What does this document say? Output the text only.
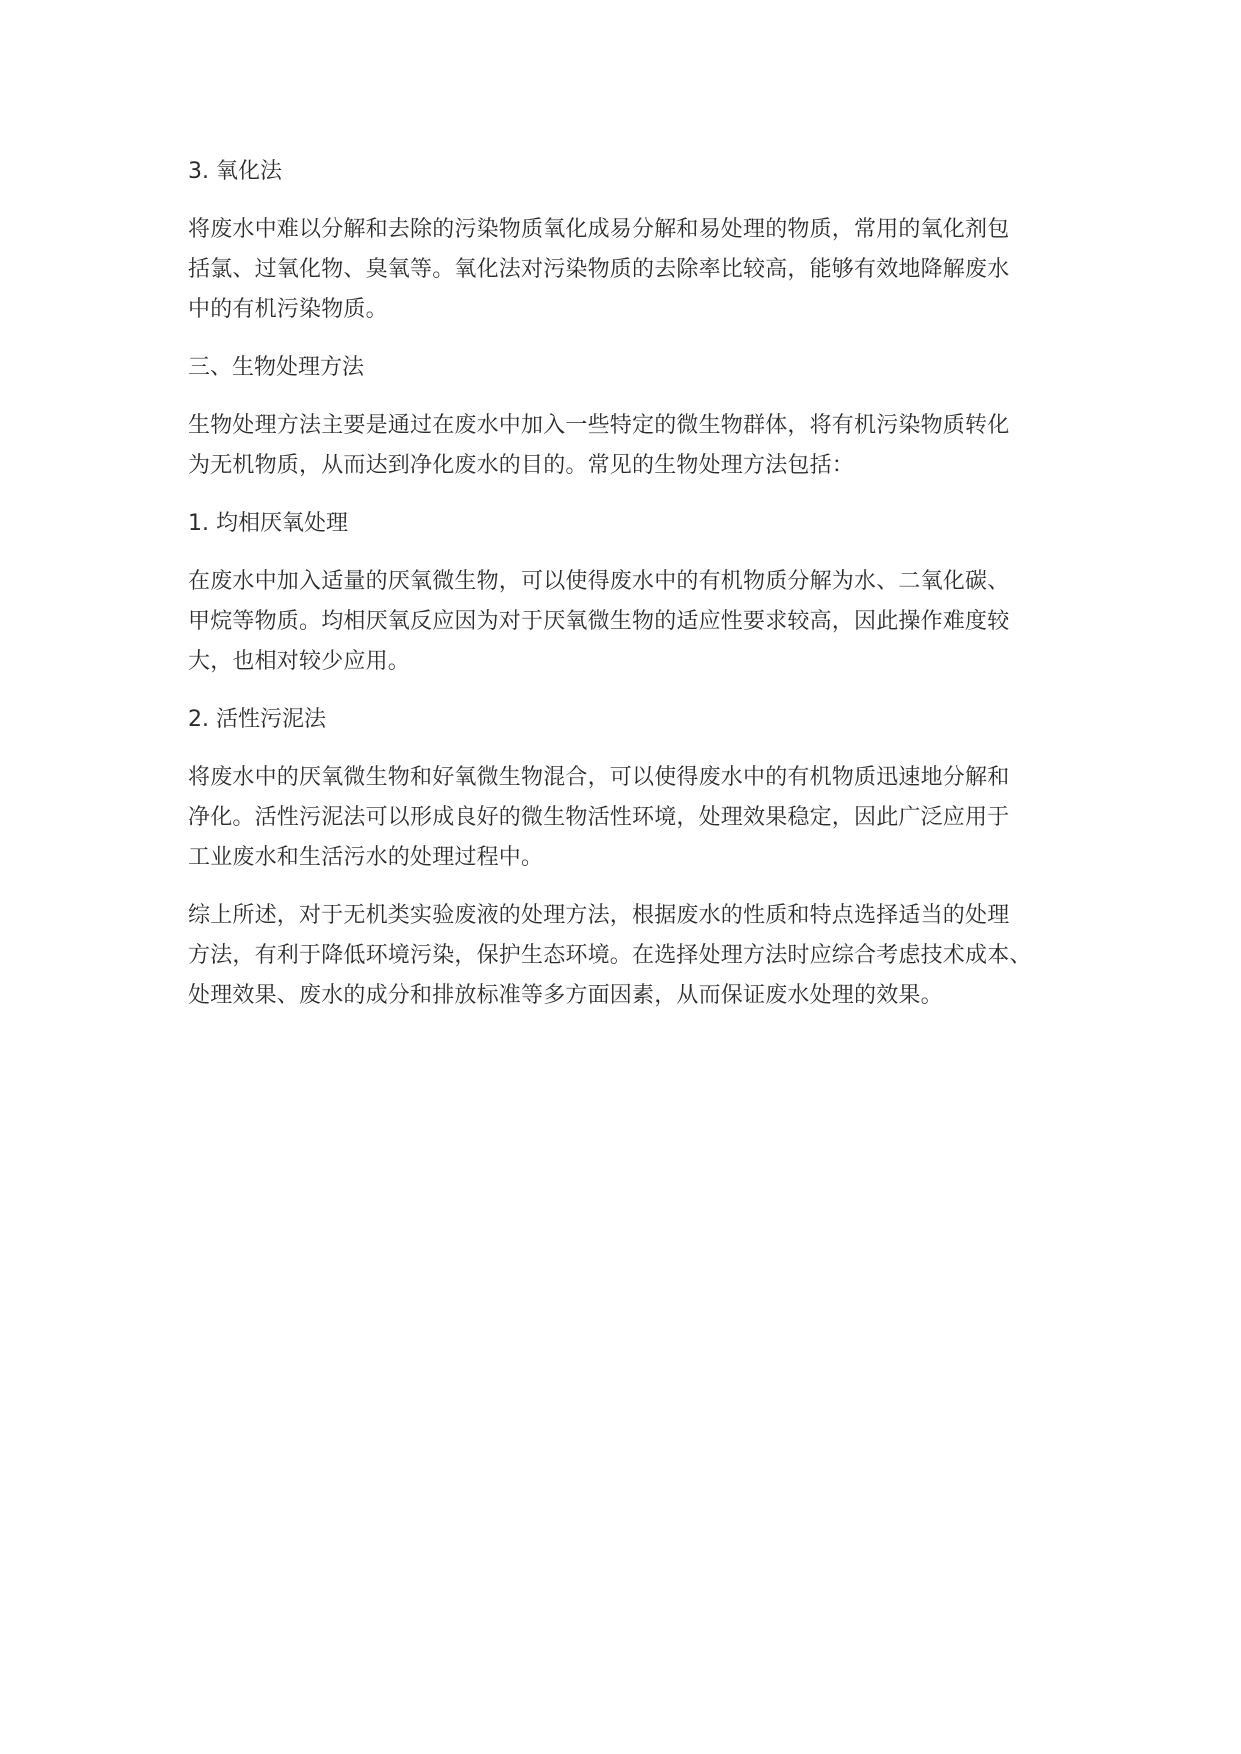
3. 氧化法

将废水中难以分解和去除的污染物质氧化成易分解和易处理的物质，常用的氧化剂包

括氯、过氧化物、臭氧等。氧化法对污染物质的去除率比较高，能够有效地降解废水

中的有机污染物质。

三、生物处理方法

生物处理方法主要是通过在废水中加入一些特定的微生物群体，将有机污染物质转化

为无机物质，从而达到净化废水的目的。常见的生物处理方法包括：

1. 均相厌氧处理

在废水中加入适量的厌氧微生物，可以使得废水中的有机物质分解为水、二氧化碳、

甲烷等物质。均相厌氧反应因为对于厌氧微生物的适应性要求较高，因此操作难度较

大，也相对较少应用。

2. 活性污泥法

将废水中的厌氧微生物和好氧微生物混合，可以使得废水中的有机物质迅速地分解和

净化。活性污泥法可以形成良好的微生物活性环境，处理效果稳定，因此广泛应用于

工业废水和生活污水的处理过程中。

综上所述，对于无机类实验废液的处理方法，根据废水的性质和特点选择适当的处理

方法，有利于降低环境污染，保护生态环境。在选择处理方法时应综合考虑技术成本、

处理效果、废水的成分和排放标准等多方面因素，从而保证废水处理的效果。
